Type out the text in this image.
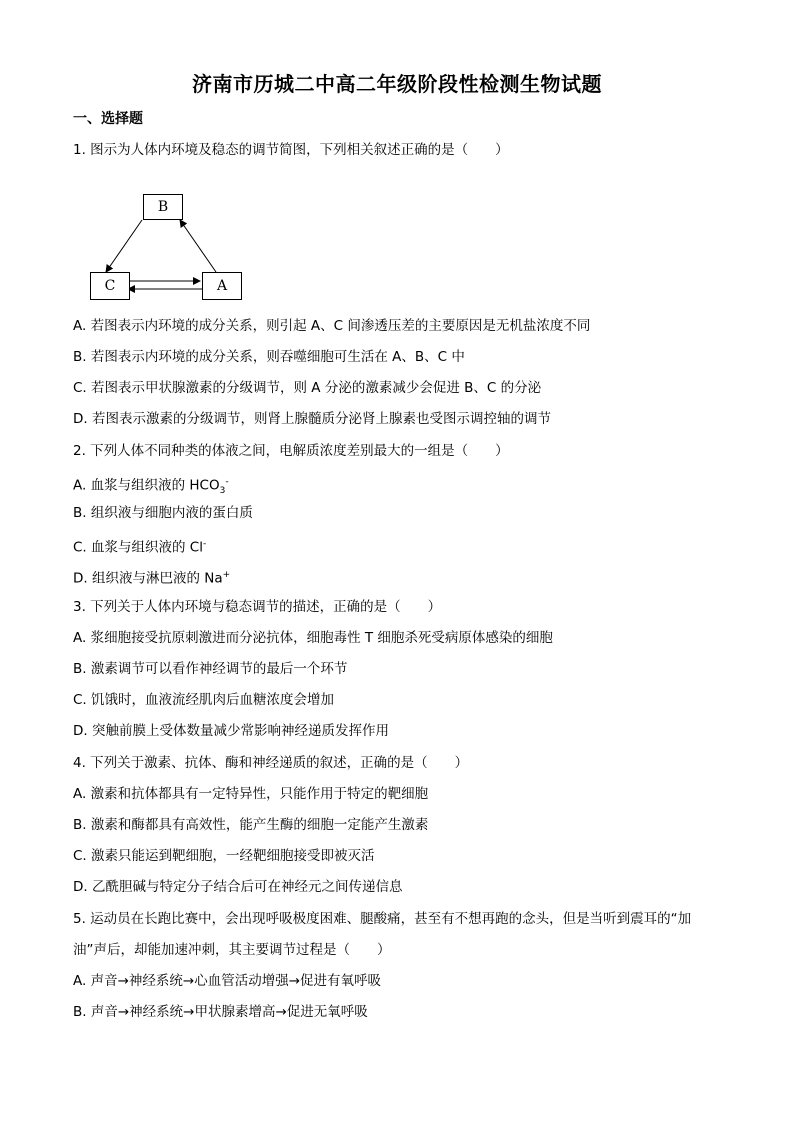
济南市历城二中高二年级阶段性检测生物试题
一、选择题
1. 图示为人体内环境及稳态的调节简图，下列相关叙述正确的是（　　）
B
C	A
A. 若图表示内环境的成分关系，则引起 A、C 间渗透压差的主要原因是无机盐浓度不同
B. 若图表示内环境的成分关系，则吞噬细胞可生活在 A、B、C 中
C. 若图表示甲状腺激素的分级调节，则 A 分泌的激素减少会促进 B、C 的分泌
D. 若图表示激素的分级调节，则肾上腺髓质分泌肾上腺素也受图示调控轴的调节
2. 下列人体不同种类的体液之间，电解质浓度差别最大的一组是（　　）
A. 血浆与组织液的 $HCO_3^-$
B. 组织液与细胞内液的蛋白质
C. 血浆与组织液的 Cl-
D. 组织液与淋巴液的 Na+
3. 下列关于人体内环境与稳态调节的描述，正确的是（　　）
A. 浆细胞接受抗原刺激进而分泌抗体，细胞毒性 T 细胞杀死受病原体感染的细胞
B. 激素调节可以看作神经调节的最后一个环节
C. 饥饿时，血液流经肌肉后血糖浓度会增加
D. 突触前膜上受体数量减少常影响神经递质发挥作用
4. 下列关于激素、抗体、酶和神经递质的叙述，正确的是（　　）
A. 激素和抗体都具有一定特异性，只能作用于特定的靶细胞
B. 激素和酶都具有高效性，能产生酶的细胞一定能产生激素
C. 激素只能运到靶细胞，一经靶细胞接受即被灭活
D. 乙酰胆碱与特定分子结合后可在神经元之间传递信息
5. 运动员在长跑比赛中，会出现呼吸极度困难、腿酸痛，甚至有不想再跑的念头，但是当听到震耳的“加油”声后，却能加速冲刺，其主要调节过程是（　　）
A. 声音→神经系统→心血管活动增强→促进有氧呼吸
B. 声音→神经系统→甲状腺素增高→促进无氧呼吸
